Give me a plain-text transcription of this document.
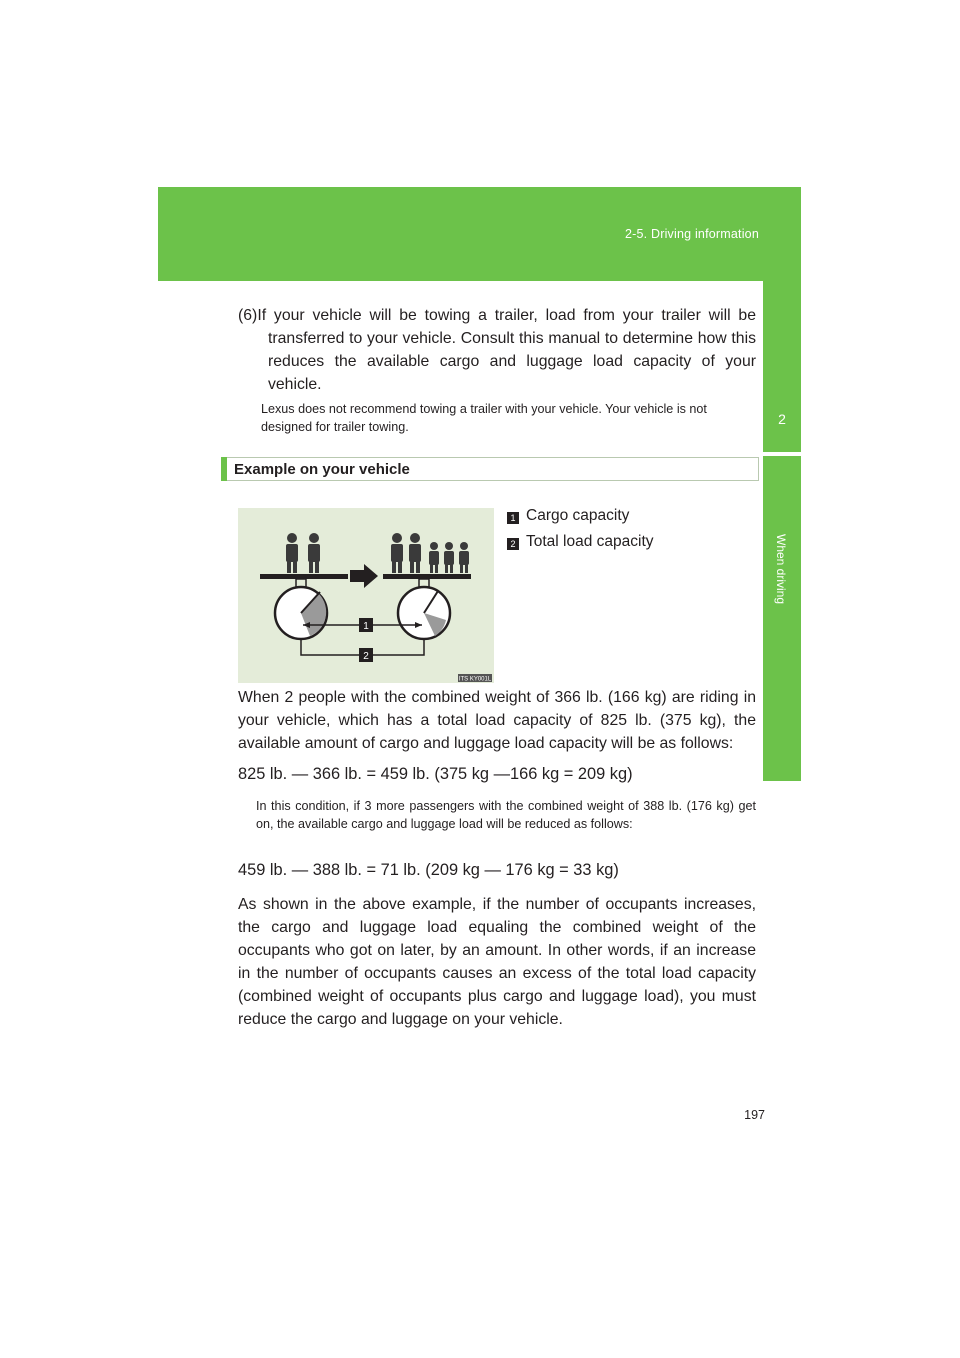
2-5. Driving information
2
When driving
(6) If your vehicle will be towing a trailer, load from your trailer will be transferred to your vehicle. Consult this manual to determine how this reduces the available cargo and luggage load capacity of your vehicle.
Lexus does not recommend towing a trailer with your vehicle. Your vehicle is not designed for trailer towing.
Example on your vehicle
1
2
ITS KY001L
1 Cargo capacity
2 Total load capacity
When 2 people with the combined weight of 366 lb. (166 kg) are riding in your vehicle, which has a total load capacity of 825 lb. (375 kg), the available amount of cargo and luggage load capacity will be as follows:
825 lb. — 366 lb. = 459 lb. (375 kg —166 kg = 209 kg)
In this condition, if 3 more passengers with the combined weight of 388 lb. (176 kg) get on, the available cargo and luggage load will be reduced as follows:
459 lb. — 388 lb. = 71 lb. (209 kg — 176 kg = 33 kg)
As shown in the above example, if the number of occupants increases, the cargo and luggage load equaling the combined weight of the occupants who got on later, by an amount. In other words, if an increase in the number of occupants causes an excess of the total load capacity (combined weight of occupants plus cargo and luggage load), you must reduce the cargo and luggage on your vehicle.
197
